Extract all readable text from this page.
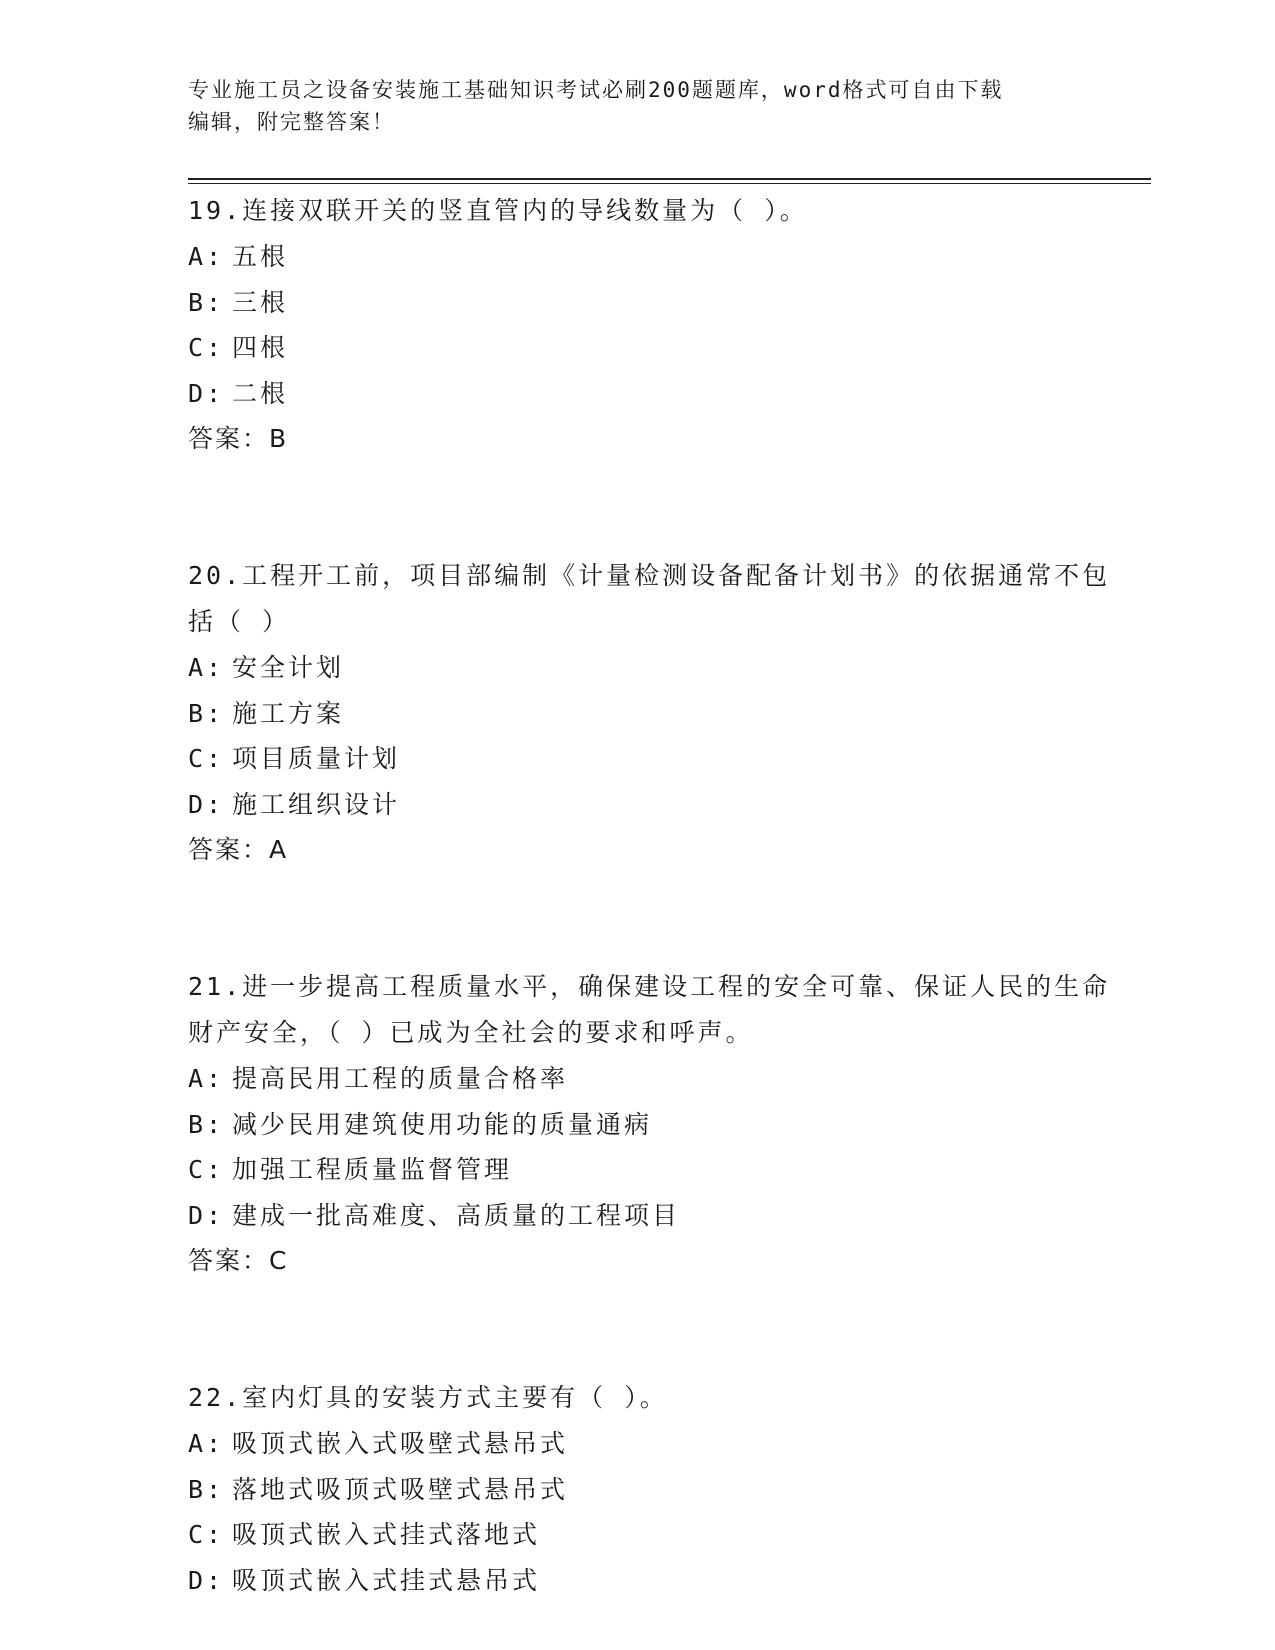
专业施工员之设备安装施工基础知识考试必刷200题题库，word格式可自由下载
编辑，附完整答案！
19.连接双联开关的竖直管内的导线数量为（ ）。
A: 五根
B: 三根
C: 四根
D: 二根
答案：B
20.工程开工前，项目部编制《计量检测设备配备计划书》的依据通常不包括（ ）
A: 安全计划
B: 施工方案
C: 项目质量计划
D: 施工组织设计
答案：A
21.进一步提高工程质量水平，确保建设工程的安全可靠、保证人民的生命财产安全，（ ）已成为全社会的要求和呼声。
A: 提高民用工程的质量合格率
B: 减少民用建筑使用功能的质量通病
C: 加强工程质量监督管理
D: 建成一批高难度、高质量的工程项目
答案：C
22.室内灯具的安装方式主要有（ ）。
A: 吸顶式嵌入式吸壁式悬吊式
B: 落地式吸顶式吸壁式悬吊式
C: 吸顶式嵌入式挂式落地式
D: 吸顶式嵌入式挂式悬吊式
